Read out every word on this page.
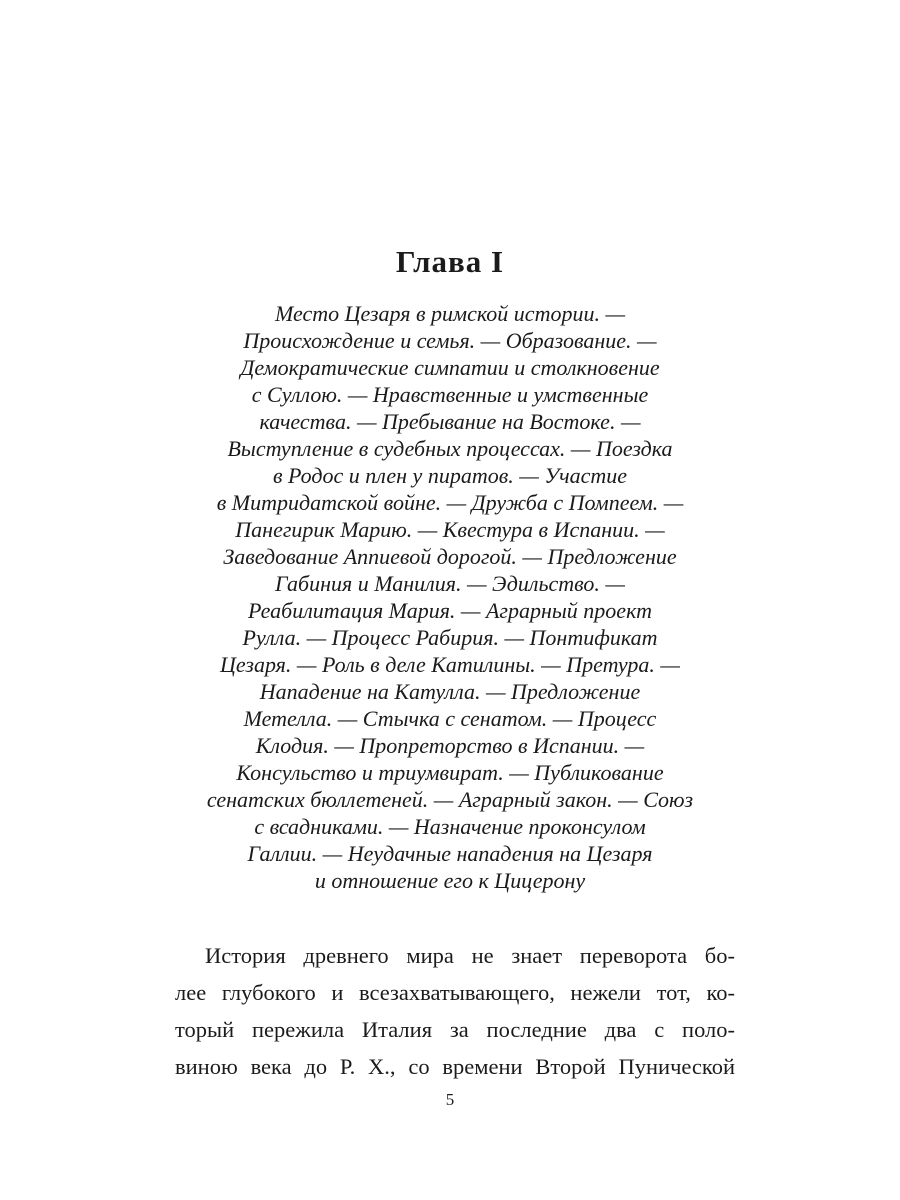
Глава I
Место Цезаря в римской истории. —
Происхождение и семья. — Образование. —
Демократические симпатии и столкновение
с Суллою. — Нравственные и умственные
качества. — Пребывание на Востоке. —
Выступление в судебных процессах. — Поездка
в Родос и плен у пиратов. — Участие
в Митридатской войне. — Дружба с Помпеем. —
Панегирик Марию. — Квестура в Испании. —
Заведование Аппиевой дорогой. — Предложение
Габиния и Манилия. — Эдильство. —
Реабилитация Мария. — Аграрный проект
Рулла. — Процесс Рабирия. — Понтификат
Цезаря. — Роль в деле Катилины. — Претура. —
Нападение на Катулла. — Предложение
Метелла. — Стычка с сенатом. — Процесс
Клодия. — Пропреторство в Испании. —
Консульство и триумвират. — Публикование
сенатских бюллетеней. — Аграрный закон. — Союз
с всадниками. — Назначение проконсулом
Галлии. — Неудачные нападения на Цезаря
и отношение его к Цицерону
История древнего мира не знает переворота бо-
лее глубокого и всезахватывающего, нежели тот, ко-
торый пережила Италия за последние два с поло-
виною века до Р. Х., со времени Второй Пунической
5
